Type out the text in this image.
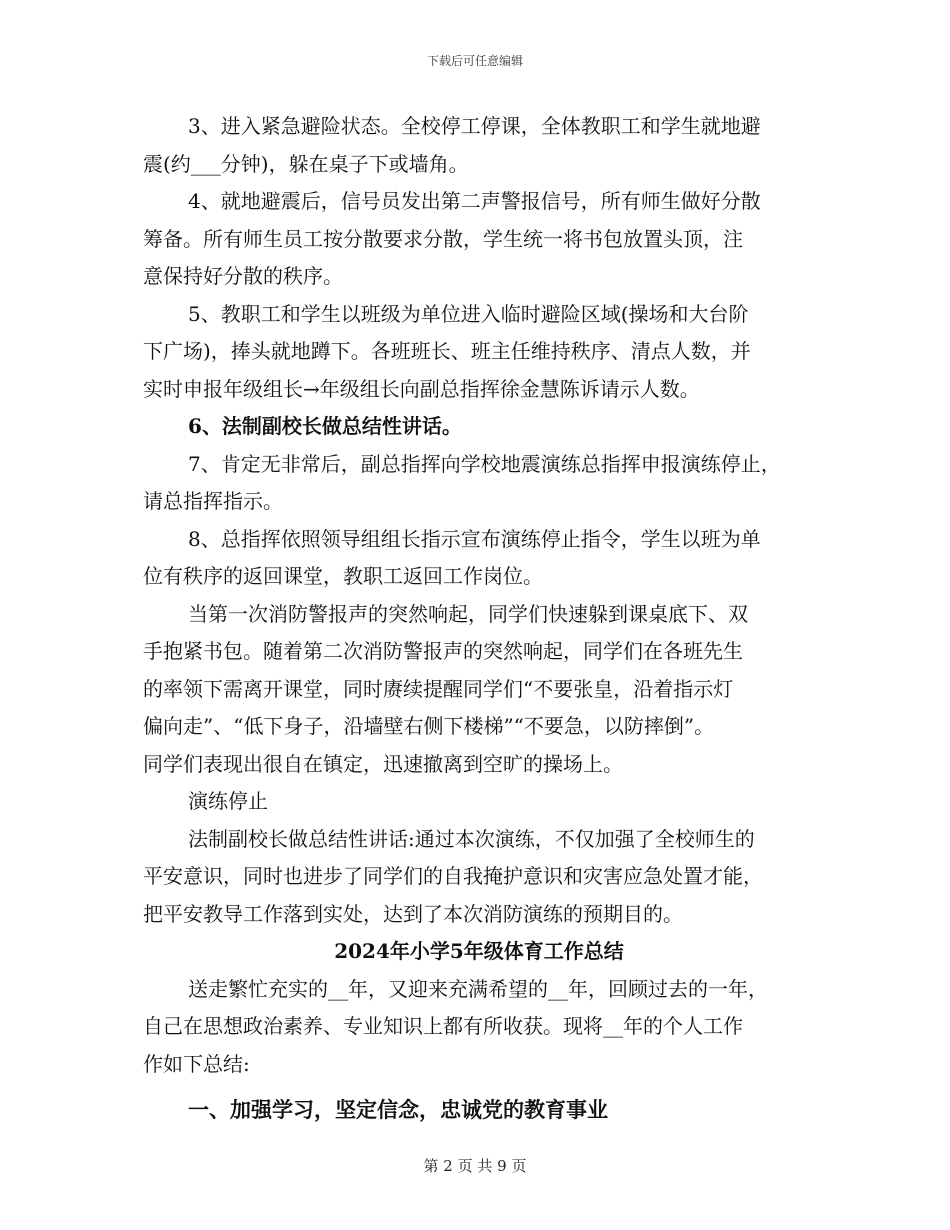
下载后可任意编辑
3、进入紧急避险状态。全校停工停课，全体教职工和学生就地避
震(约___分钟)，躲在桌子下或墙角。
4、就地避震后，信号员发出第二声警报信号，所有师生做好分散
筹备。所有师生员工按分散要求分散，学生统一将书包放置头顶，注
意保持好分散的秩序。
5、教职工和学生以班级为单位进入临时避险区域(操场和大台阶
下广场)，捧头就地蹲下。各班班长、班主任维持秩序、清点人数，并
实时申报年级组长→年级组长向副总指挥徐金慧陈诉请示人数。
6、法制副校长做总结性讲话。
7、肯定无非常后，副总指挥向学校地震演练总指挥申报演练停止，
请总指挥指示。
8、总指挥依照领导组组长指示宣布演练停止指令，学生以班为单
位有秩序的返回课堂，教职工返回工作岗位。
当第一次消防警报声的突然响起，同学们快速躲到课桌底下、双
手抱紧书包。随着第二次消防警报声的突然响起，同学们在各班先生
的率领下需离开课堂，同时赓续提醒同学们“不要张皇，沿着指示灯
偏向走”、“低下身子，沿墙壁右侧下楼梯”“不要急，以防摔倒”。
同学们表现出很自在镇定，迅速撤离到空旷的操场上。
演练停止
法制副校长做总结性讲话:通过本次演练，不仅加强了全校师生的
平安意识，同时也进步了同学们的自我掩护意识和灾害应急处置才能，
把平安教导工作落到实处，达到了本次消防演练的预期目的。
2024年小学5年级体育工作总结
送走繁忙充实的__年，又迎来充满希望的__年，回顾过去的一年，
自己在思想政治素养、专业知识上都有所收获。现将__年的个人工作
作如下总结:
一、加强学习，坚定信念，忠诚党的教育事业
第 2 页 共 9 页
